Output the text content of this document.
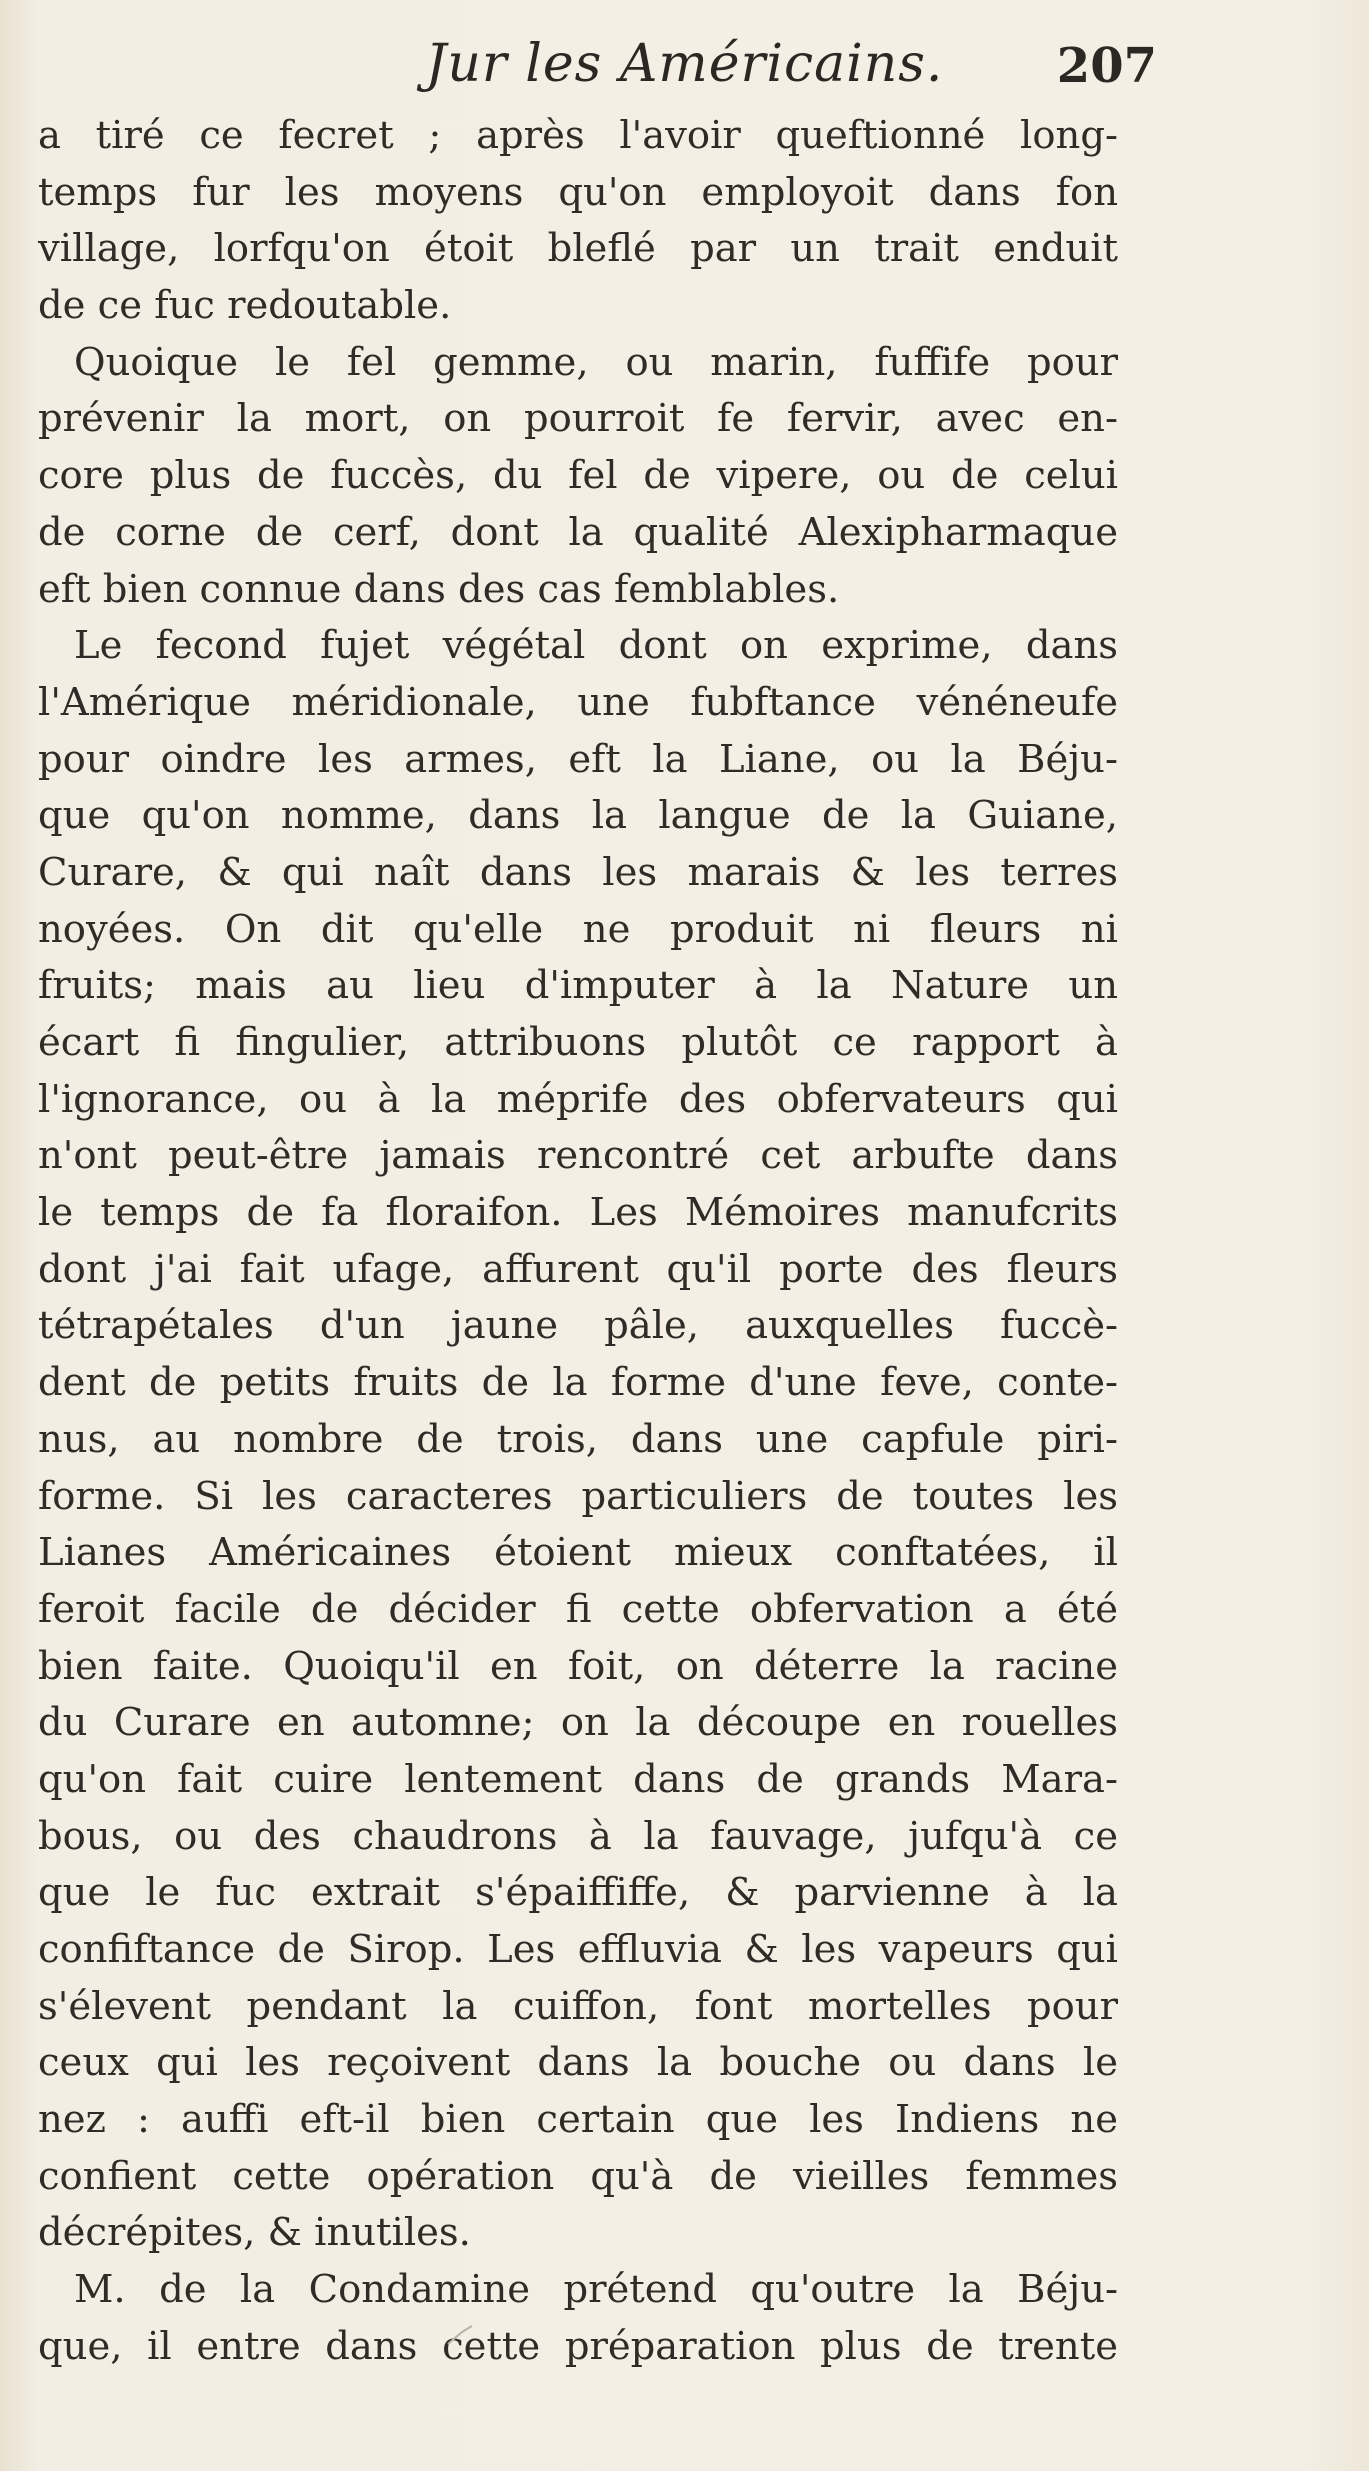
Jur les Américains.	207
a tiré ce fecret ; après l'avoir queftionné long-
temps fur les moyens qu'on employoit dans fon
village, lorfqu'on étoit bleflé par un trait enduit
de ce fuc redoutable.
Quoique le fel gemme, ou marin, fuffife pour
prévenir la mort, on pourroit fe fervir, avec en-
core plus de fuccès, du fel de vipere, ou de celui
de corne de cerf, dont la qualité Alexipharmaque
eft bien connue dans des cas femblables.
Le fecond fujet végétal dont on exprime, dans
l'Amérique méridionale, une fubftance vénéneufe
pour oindre les armes, eft la Liane, ou la Béju-
que qu'on nomme, dans la langue de la Guiane,
Curare, & qui naît dans les marais & les terres
noyées. On dit qu'elle ne produit ni fleurs ni
fruits; mais au lieu d'imputer à la Nature un
écart fi fingulier, attribuons plutôt ce rapport à
l'ignorance, ou à la méprife des obfervateurs qui
n'ont peut-être jamais rencontré cet arbufte dans
le temps de fa floraifon. Les Mémoires manufcrits
dont j'ai fait ufage, affurent qu'il porte des fleurs
tétrapétales d'un jaune pâle, auxquelles fuccè-
dent de petits fruits de la forme d'une feve, conte-
nus, au nombre de trois, dans une capfule piri-
forme. Si les caracteres particuliers de toutes les
Lianes Américaines étoient mieux conftatées, il
feroit facile de décider fi cette obfervation a été
bien faite. Quoiqu'il en foit, on déterre la racine
du Curare en automne; on la découpe en rouelles
qu'on fait cuire lentement dans de grands Mara-
bous, ou des chaudrons à la fauvage, jufqu'à ce
que le fuc extrait s'épaiffiffe, & parvienne à la
confiftance de Sirop. Les effluvia & les vapeurs qui
s'élevent pendant la cuiffon, font mortelles pour
ceux qui les reçoivent dans la bouche ou dans le
nez : auffi eft-il bien certain que les Indiens ne
confient cette opération qu'à de vieilles femmes
décrépites, & inutiles.
M. de la Condamine prétend qu'outre la Béju-
que, il entre dans cette préparation plus de trente
